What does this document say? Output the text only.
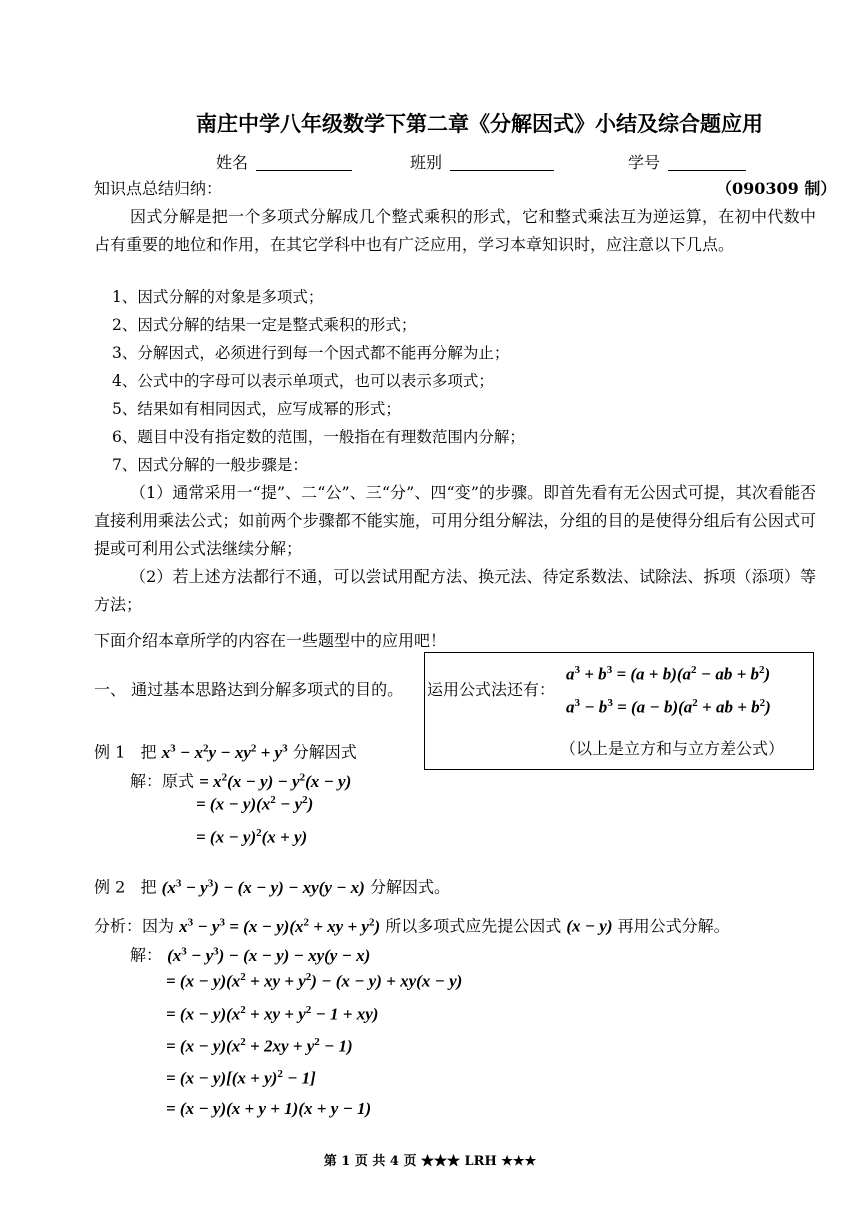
南庄中学八年级数学下第二章《分解因式》小结及综合题应用
姓名	班别	学号
知识点总结归纳：	（090309 制）
因式分解是把一个多项式分解成几个整式乘积的形式，它和整式乘法互为逆运算，在初中代数中占有重要的地位和作用，在其它学科中也有广泛应用，学习本章知识时，应注意以下几点。
1、因式分解的对象是多项式；
2、因式分解的结果一定是整式乘积的形式；
3、分解因式，必须进行到每一个因式都不能再分解为止；
4、公式中的字母可以表示单项式，也可以表示多项式；
5、结果如有相同因式，应写成幂的形式；
6、题目中没有指定数的范围，一般指在有理数范围内分解；
7、因式分解的一般步骤是：
（1）通常采用一“提”、二“公”、三“分”、四“变”的步骤。即首先看有无公因式可提，其次看能否直接利用乘法公式；如前两个步骤都不能实施，可用分组分解法，分组的目的是使得分组后有公因式可提或可利用公式法继续分解；
（2）若上述方法都行不通，可以尝试用配方法、换元法、待定系数法、试除法、拆项（添项）等方法；
下面介绍本章所学的内容在一些题型中的应用吧！
一、 通过基本思路达到分解多项式的目的。 运用公式法还有：
$a^3 + b^3 = (a + b)(a^2$ − ab + $b^2$)
$a^3 - b^3 = (a - b)(a^2$ + ab + $b^2$)
（以上是立方和与立方差公式）
例 1 把 $x^3 - x^2y - xy^2 + y^3$ 分解因式
解：原式 = $x^2(x - y) - y^2(x - y)$
= $(x - y)(x^2 - y^2)$
= $(x - y)^2(x + y)$
例 2 把 $(x^3 - y^3) - (x - y) - xy(y - x)$ 分解因式。
分析：因为 $x^3 - y^3 = (x - y)(x^2$ + xy + $y^2$) 所以多项式应先提公因式 (x − y) 再用公式分解。
解： $(x^3 - y^3) - (x - y) - xy(y - x)$
= $(x - y)(x^2$ + xy + $y^2) - (x - y) + xy(x - y)$
= $(x - y)(x^2$ + xy + $y^2 - 1 + xy$)
= $(x - y)(x^2 + 2xy + y^2 - 1)$
= $(x - y)[(x + y)^2 - 1]$
= (x − y)(x + y + 1)(x + y − 1)
第 1 页 共 4 页 ★★★ LRH ★★★
